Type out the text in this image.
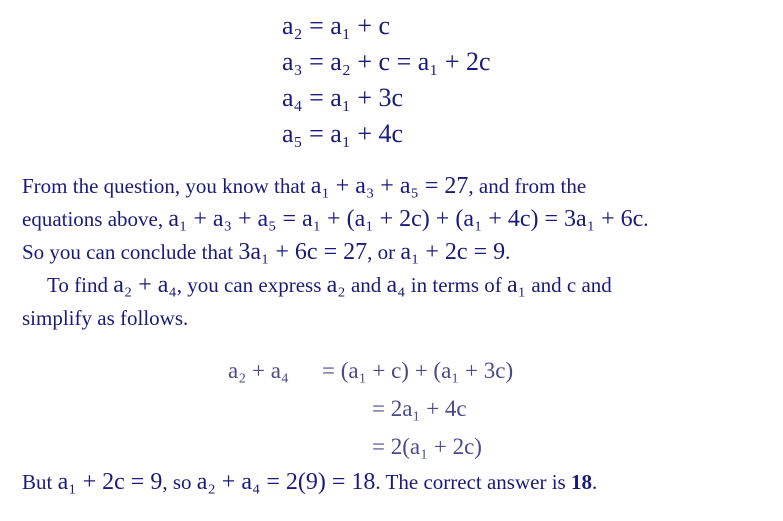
a₂ = a₁ + c
a₃ = a₂ + c = a₁ + 2c
a₄ = a₁ + 3c
a₅ = a₁ + 4c
From the question, you know that a₁ + a₃ + a₅ = 27, and from the
equations above, a₁ + a₃ + a₅ = a₁ + (a₁ + 2c) + (a₁ + 4c) = 3a₁ + 6c.
So you can conclude that 3a₁ + 6c = 27, or a₁ + 2c = 9.
To find a₂ + a₄, you can express a₂ and a₄ in terms of a₁ and c and
simplify as follows.
a₂ + a₄ = (a₁ + c) + (a₁ + 3c)
= 2a₁ + 4c
= 2(a₁ + 2c)
But a₁ + 2c = 9, so a₂ + a₄ = 2(9) = 18. The correct answer is 18.
